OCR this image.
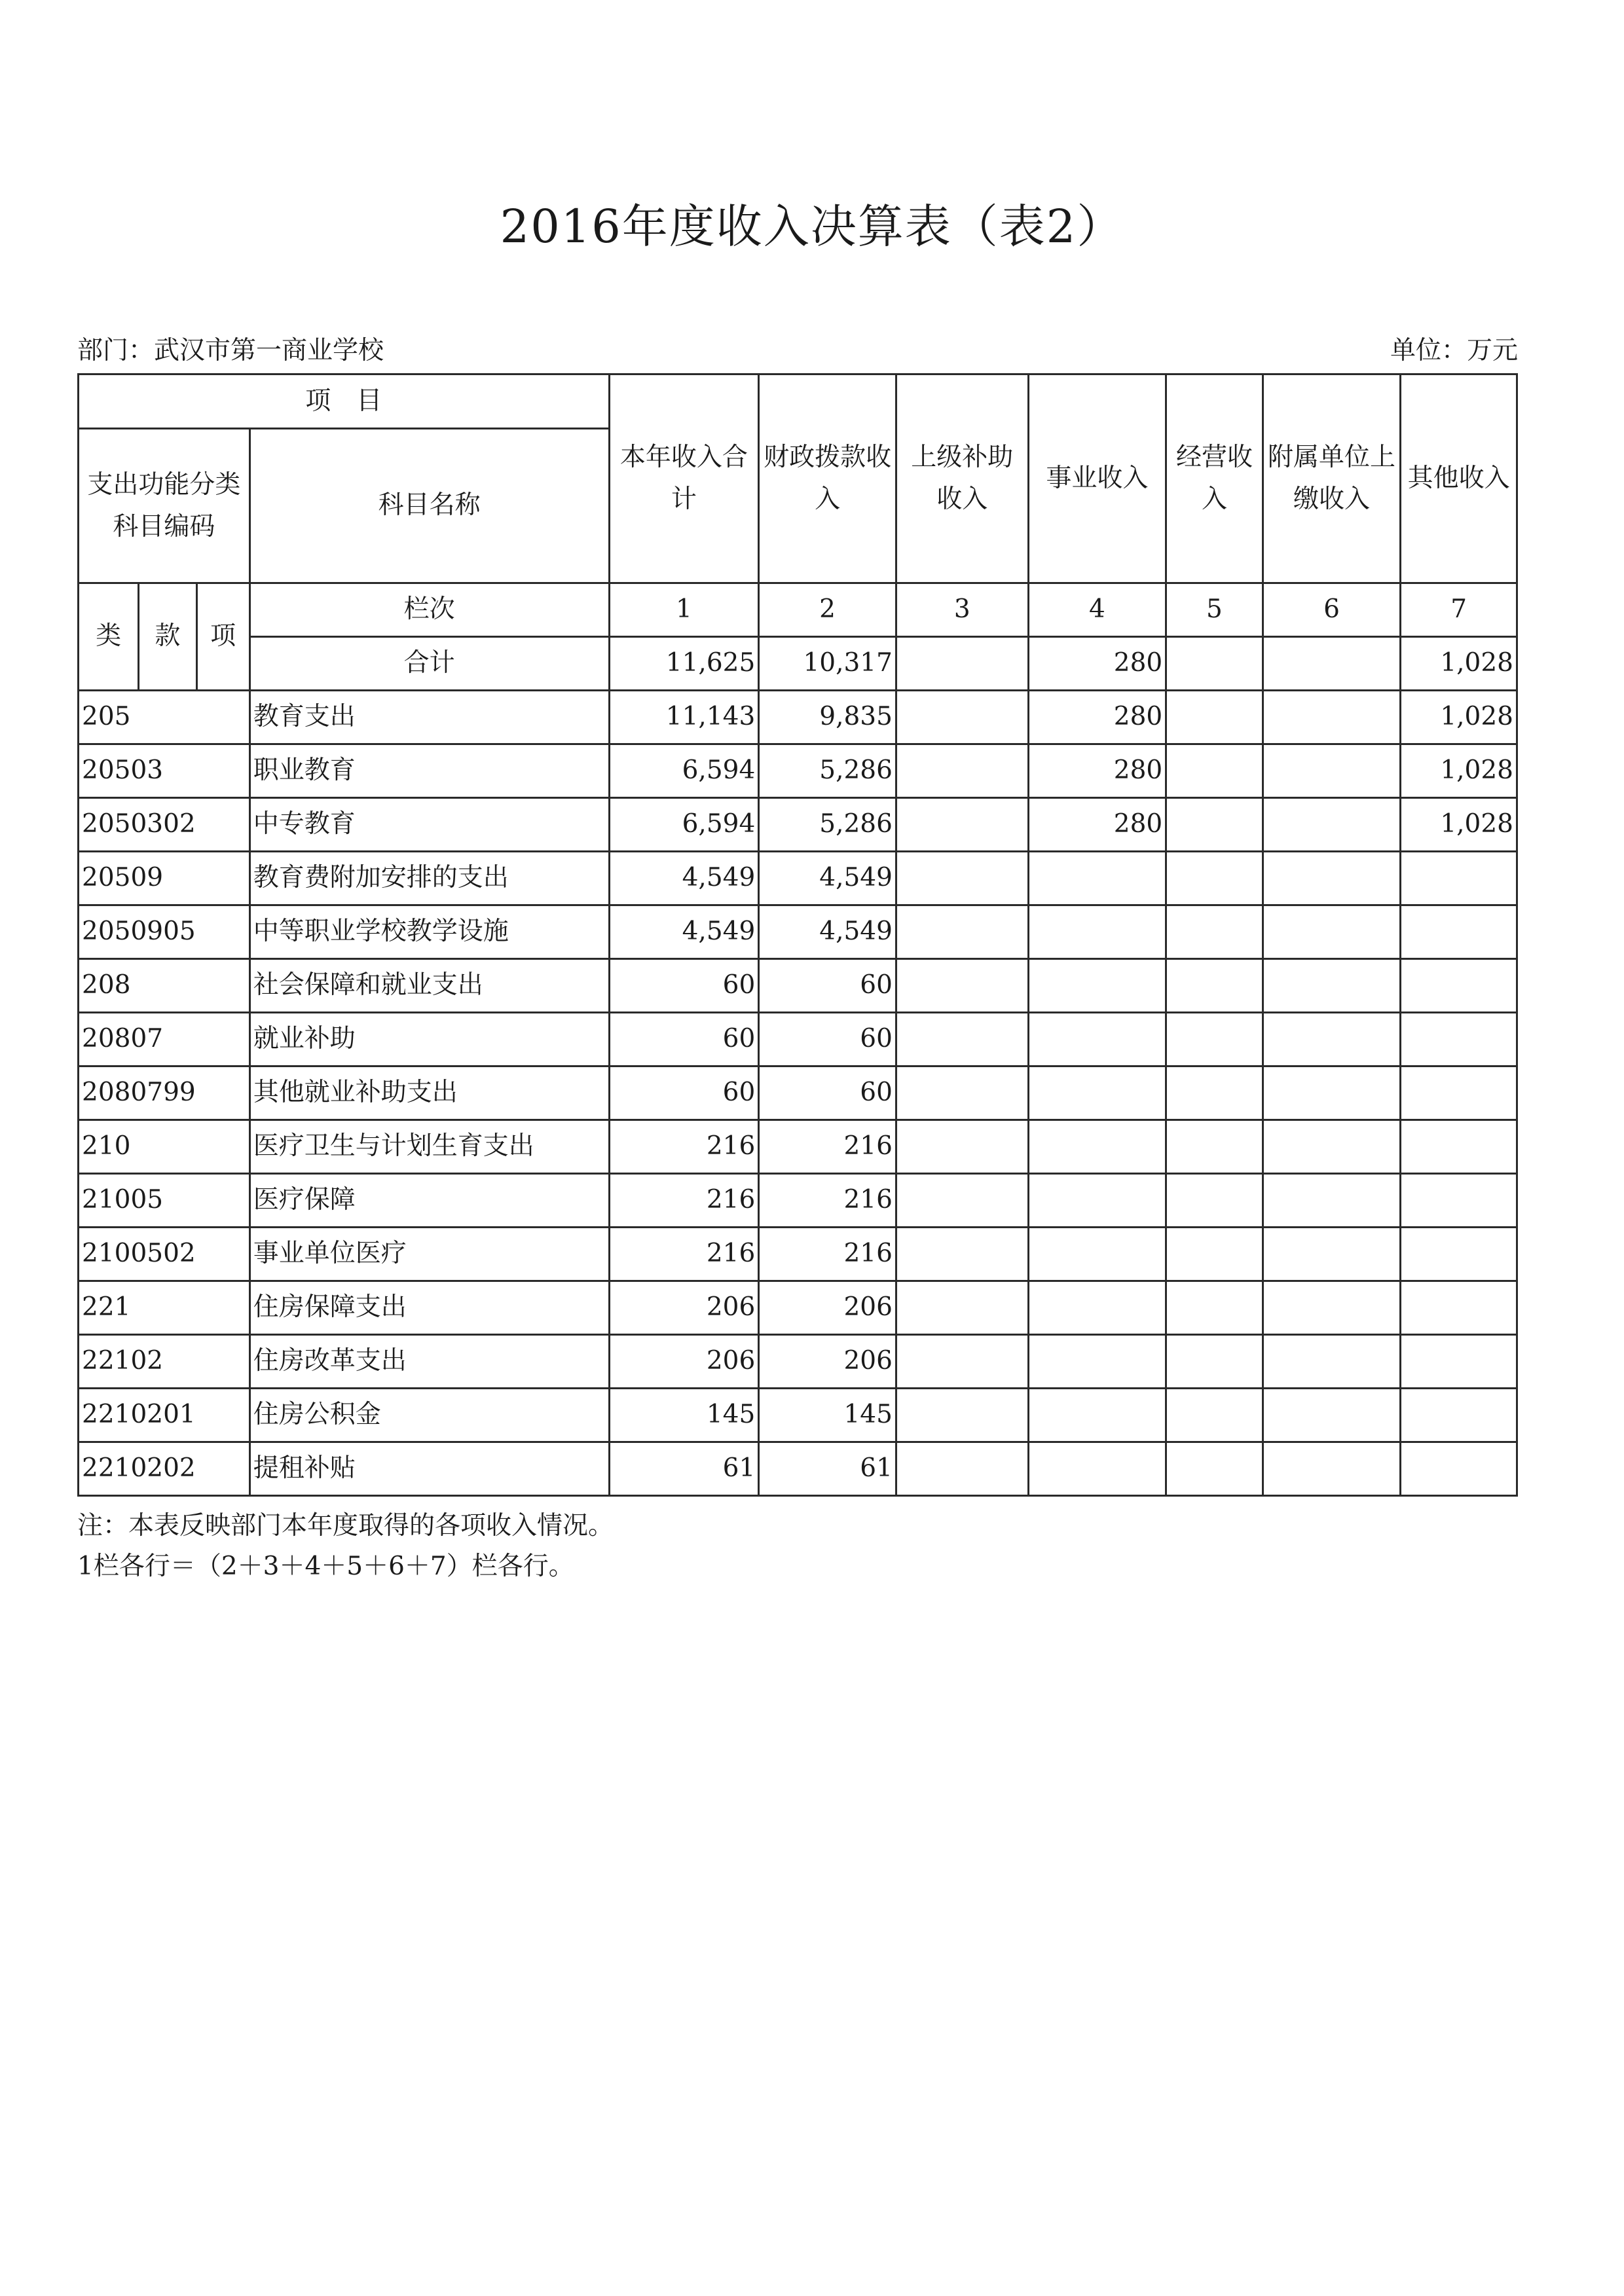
2016年度收入决算表（表2）
部门：武汉市第一商业学校	单位：万元
项　目				本年收入合计	财政拨款收入	上级补助收入	事业收入	经营收入	附属单位上缴收入	其他收入
支出功能分类科目编码			科目名称							
类	款	项	栏次	1	2	3	4	5	6	7
			合计	11,625	10,317		280			1,028
205			教育支出	11,143	9,835		280			1,028
20503			职业教育	6,594	5,286		280			1,028
2050302			中专教育	6,594	5,286		280			1,028
20509			教育费附加安排的支出	4,549	4,549					
2050905			中等职业学校教学设施	4,549	4,549					
208			社会保障和就业支出	60	60					
20807			就业补助	60	60					
2080799			其他就业补助支出	60	60					
210			医疗卫生与计划生育支出	216	216					
21005			医疗保障	216	216					
2100502			事业单位医疗	216	216					
221			住房保障支出	206	206					
22102			住房改革支出	206	206					
2210201			住房公积金	145	145					
2210202			提租补贴	61	61					
注：本表反映部门本年度取得的各项收入情况。
1栏各行＝（2＋3＋4＋5＋6＋7）栏各行。
